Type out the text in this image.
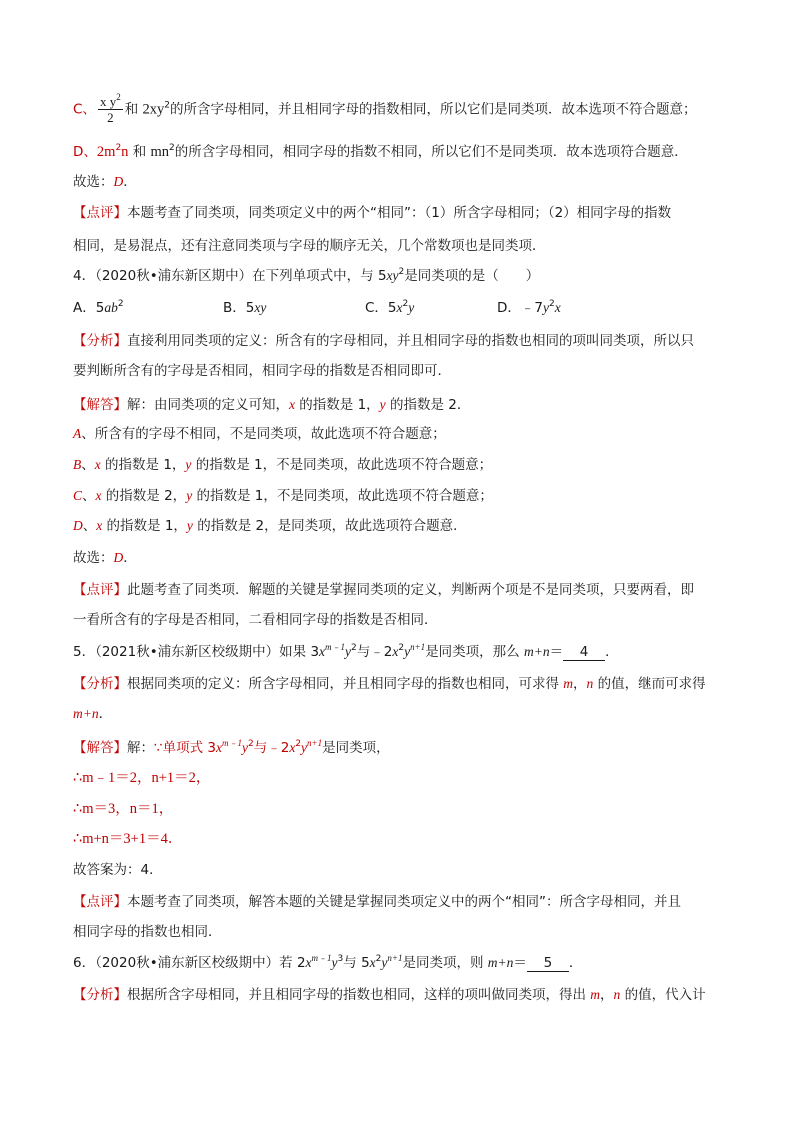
C、 $\frac{x y^2}{2}$ 和 $2xy^2$的所含字母相同，并且相同字母的指数相同，所以它们是同类项．故本选项不符合题意；
D、$2m^2n$ 和 $mn^2$的所含字母相同，相同字母的指数不相同，所以它们不是同类项．故本选项符合题意．
故选：D．
【点评】本题考查了同类项，同类项定义中的两个“相同”：（1）所含字母相同；（2）相同字母的指数
相同，是易混点，还有注意同类项与字母的顺序无关，几个常数项也是同类项．
4．（2020秋•浦东新区期中）在下列单项式中，与 $5xy^2$是同类项的是（　　）
A．$5ab^2$	B．5xy	C．$5x^2y$	D．$﹣7y^2x$
【分析】直接利用同类项的定义：所含有的字母相同，并且相同字母的指数也相同的项叫同类项，所以只
要判断所含有的字母是否相同，相同字母的指数是否相同即可．
【解答】解：由同类项的定义可知，x 的指数是 1，y 的指数是 2．
A、所含有的字母不相同，不是同类项，故此选项不符合题意；
B、x 的指数是 1，y 的指数是 1，不是同类项，故此选项不符合题意；
C、x 的指数是 2，y 的指数是 1，不是同类项，故此选项不符合题意；
D、x 的指数是 1，y 的指数是 2，是同类项，故此选项符合题意．
故选：D．
【点评】此题考查了同类项．解题的关键是掌握同类项的定义，判断两个项是不是同类项，只要两看，即
一看所含有的字母是否相同，二看相同字母的指数是否相同．
5．（2021秋•浦东新区校级期中）如果 $3x^{m﹣1}y^2$与$﹣2x^2y^{n+1}$是同类项，那么 m+n＝ 4 ．
【分析】根据同类项的定义：所含字母相同，并且相同字母的指数也相同，可求得 m，n 的值，继而可求得
m+n．
【解答】解：∵单项式 $3x^{m﹣1}y^2$与$﹣2x^2y^{n+1}$是同类项，
∴m﹣1＝2，n+1＝2，
∴m＝3，n＝1，
∴m+n＝3+1＝4．
故答案为：4．
【点评】本题考查了同类项，解答本题的关键是掌握同类项定义中的两个“相同”：所含字母相同，并且
相同字母的指数也相同．
6．（2020秋•浦东新区校级期中）若 $2x^{m﹣1}y^3$与 $5x^2y^{n+1}$是同类项，则 m+n＝ 5 ．
【分析】根据所含字母相同，并且相同字母的指数也相同，这样的项叫做同类项，得出 m，n 的值，代入计
